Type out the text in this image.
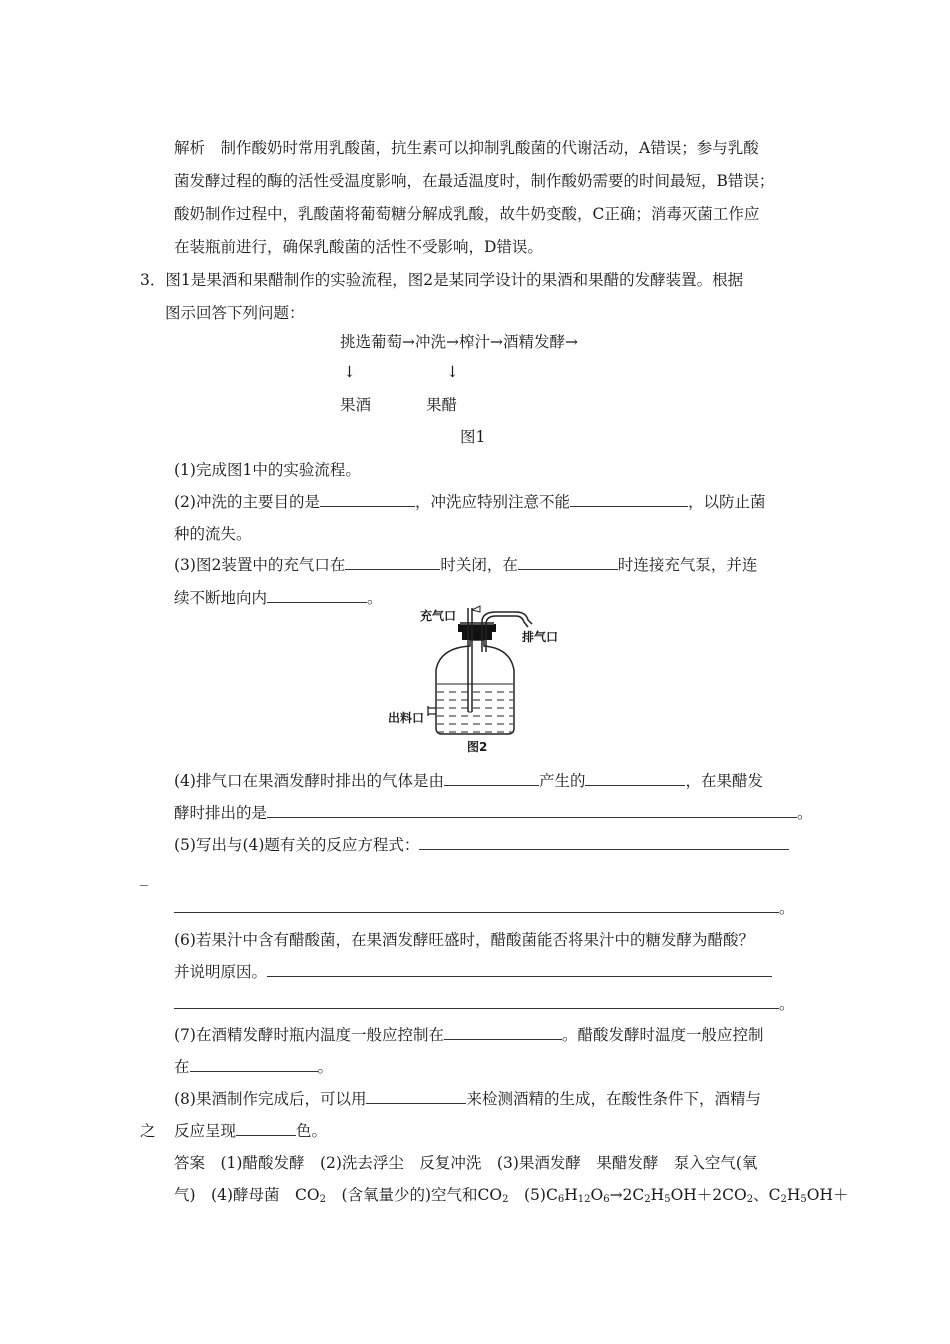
解析　制作酸奶时常用乳酸菌，抗生素可以抑制乳酸菌的代谢活动，A错误；参与乳酸
菌发酵过程的酶的活性受温度影响，在最适温度时，制作酸奶需要的时间最短，B错误；
酸奶制作过程中，乳酸菌将葡萄糖分解成乳酸，故牛奶变酸，C正确；消毒灭菌工作应
在装瓶前进行，确保乳酸菌的活性不受影响，D错误。
3．图1是果酒和果醋制作的实验流程，图2是某同学设计的果酒和果醋的发酵装置。根据
图示回答下列问题：
挑选葡萄→冲洗→榨汁→酒精发酵→
↓	↓
果酒	果醋
图1
(1)完成图1中的实验流程。
(2)冲洗的主要目的是	，冲洗应特别注意不能	，以防止菌
种的流失。
(3)图2装置中的充气口在	时关闭，在	时连接充气泵，并连
续不断地向内	。
充气口
排气口
出料口
图2
(4)排气口在果酒发酵时排出的气体是由	产生的	，在果醋发
酵时排出的是	。
(5)写出与(4)题有关的反应方程式：
_
。
(6)若果汁中含有醋酸菌，在果酒发酵旺盛时，醋酸菌能否将果汁中的糖发酵为醋酸？
并说明原因。
。
(7)在酒精发酵时瓶内温度一般应控制在	。醋酸发酵时温度一般应控制
在	。
(8)果酒制作完成后，可以用	来检测酒精的生成，在酸性条件下，酒精与
之 反应呈现	色。
答案　(1)醋酸发酵　(2)洗去浮尘　反复冲洗　(3)果酒发酵　果醋发酵　泵入空气(氧
气)　(4)酵母菌　$CO_2$　(含氧量少的)空气和$CO_2$　$(5)C_6H_{12}O_6\to 2C_2H_5OH+2CO_2$、$C_2H_5OH+$
